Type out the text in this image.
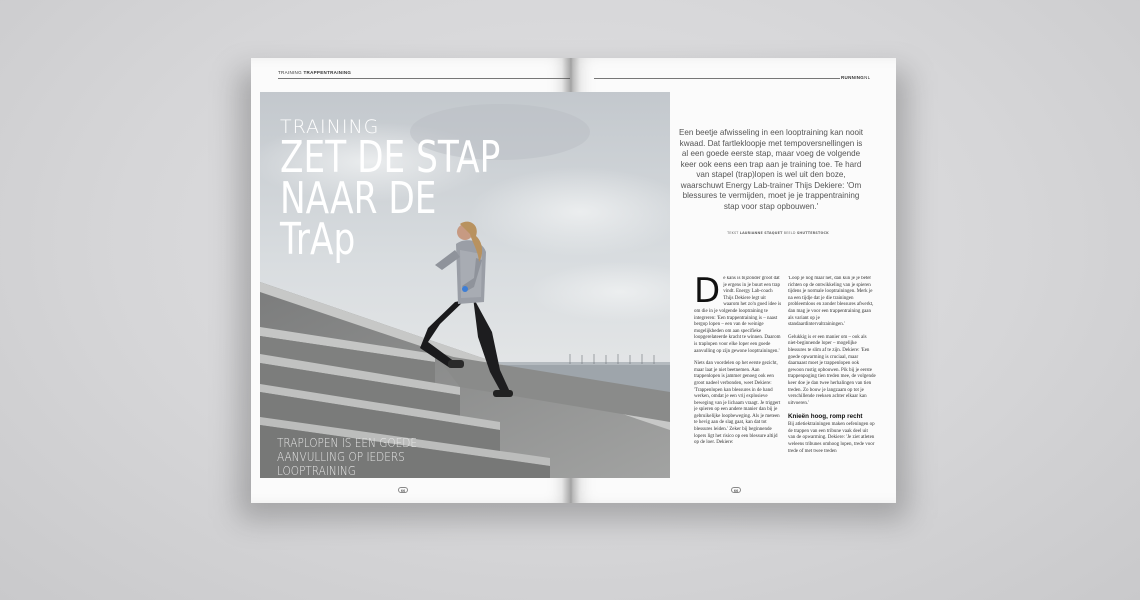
TRAINING TRAPPENTRAINING
RUNNINGNL
TRAINING
ZET DE STAP
NAAR DE
TrAp
TRAPLOPEN IS EEN GOEDE AANVULLING OP IEDERS LOOPTRAINING
66	66
Een beetje afwisseling in een looptraining kan nooit kwaad. Dat fartlekloopje met tempoversnellingen is al een goede eerste stap, maar voeg de volgende keer ook eens een trap aan je training toe. Te hard van stapel (trap)lopen is wel uit den boze, waarschuwt Energy Lab-trainer Thijs Dekiere: 'Om blessures te vermijden, moet je je trappentraining stap voor stap opbouwen.'
TEKST LAURIANNE STAQUET BEELD SHUTTERSTOCK
D e kans is bijzonder groot dat je ergens in je buurt een trap vindt. Energy Lab-coach Thijs Dekiere legt uit waarom het zo'n goed idee is om die in je volgende looptraining te integreren: 'Een trappentraining is – naast bergop lopen – een van de weinige mogelijkheden om aan specifieke loopgerelateerde kracht te winnen. Daarom is traplopen voor elke loper een goede aanvulling op zijn gewone looptrainingen.'

Niets dan voordelen op het eerste gezicht, maar laat je niet beetnemen. Aan trappenlopen is jammer genoeg ook een groot nadeel verbonden, weet Dekiere: 'Trappenlopen kan blessures in de hand werken, omdat je een vrij explosieve beweging van je lichaam vraagt. Je triggert je spieren op een andere manier dan bij je gebruikelijke loopbeweging. Als je meteen te hevig aan de slag gaat, kan dat tot blessures leiden.' Zeker bij beginnende lopers ligt het risico op een blessure altijd op de loer. Dekiere:

'Loop je nog maar net, dan kun je je beter richten op de ontwikkeling van je spieren tijdens je normale looptrainingen. Merk je na een tijdje dat je die trainingen probleemloos en zonder blessures afwerkt, dan mag je voor een trappentraining gaan als variant op je standaardintervaltrainingen.'

Gelukkig is er een manier om – ook als niet-beginnende loper – mogelijke blessures te slim af te zijn. Dekiere: 'Een goede opwarming is cruciaal, maar daarnaast moet je trappenlopen ook gewoon rustig opbouwen. Pik bij je eerste trappenpoging tien treden mee, de volgende keer doe je dan twee herhalingen van tien treden. Zo bouw je langzaam op tot je verschillende reeksen achter elkaar kan uitvoeren.'

Knieën hoog, romp recht

Bij atletiektrainingen maken oefeningen op de trappen van een tribune vaak deel uit van de opwarming. Dekiere: 'Je ziet atleten weleens tribunes omhoog lopen, trede voor trede of met twee treden
